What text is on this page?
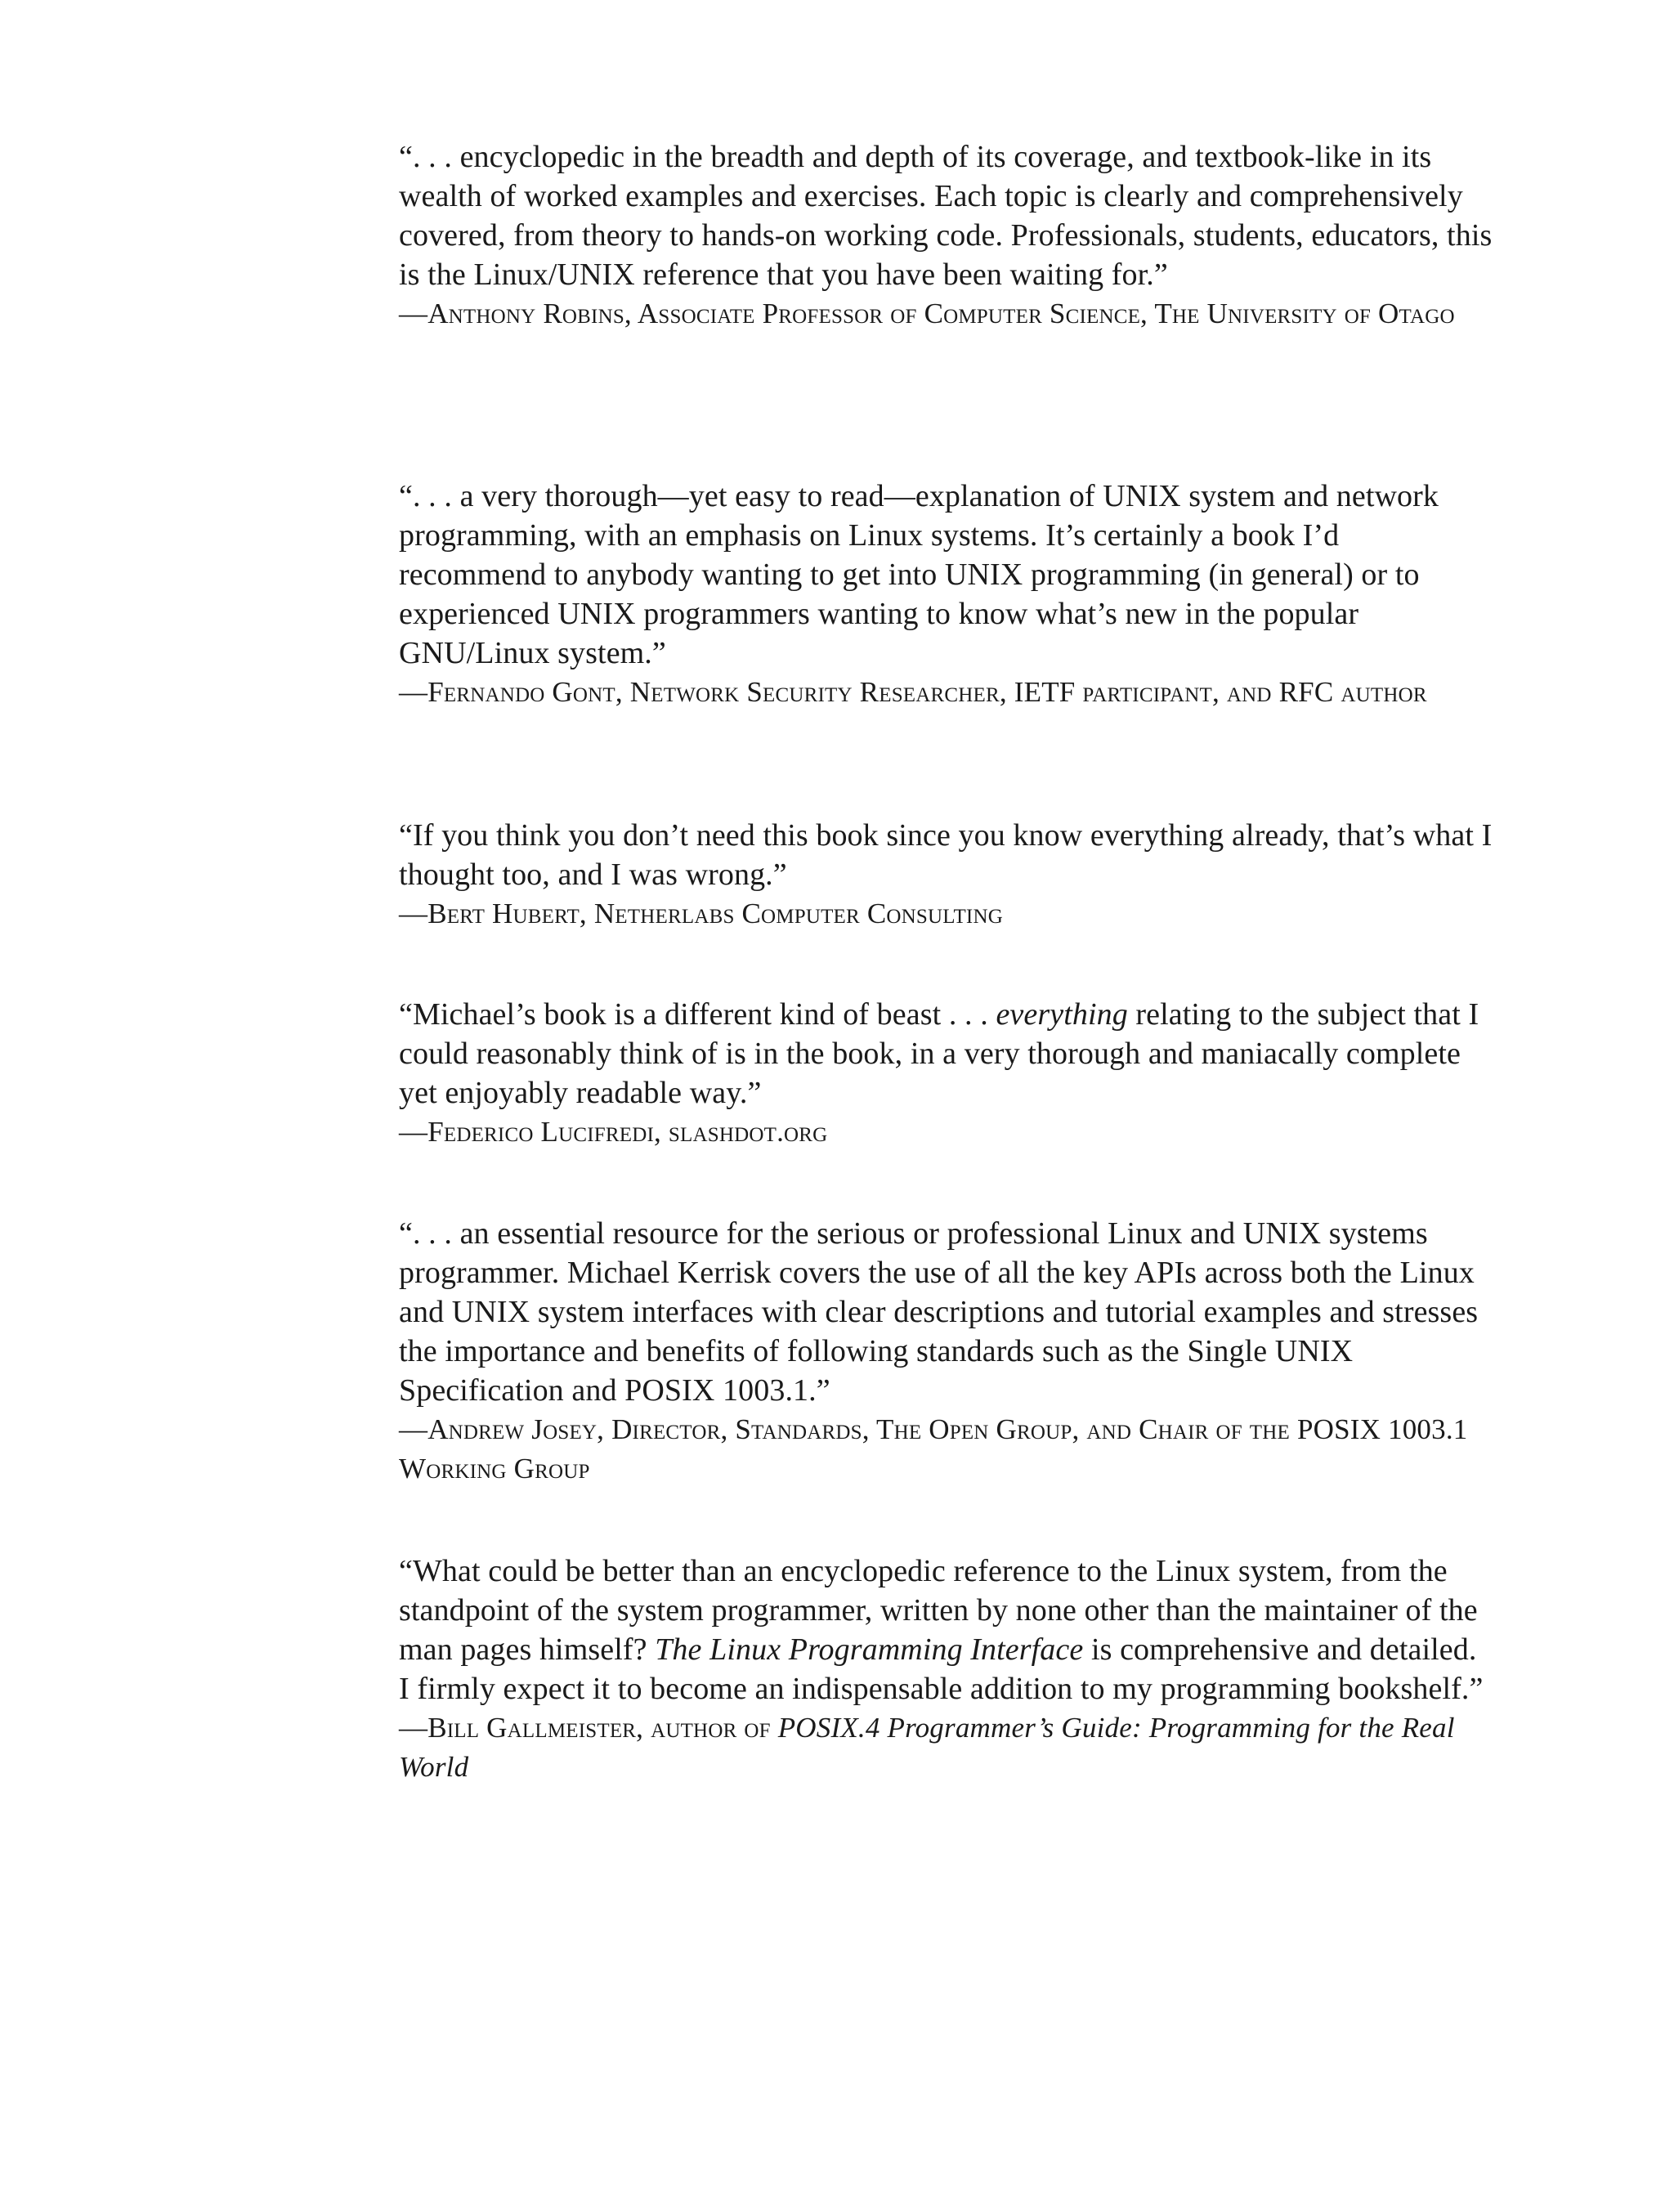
“. . . encyclopedic in the breadth and depth of its coverage, and textbook-like in its wealth of worked examples and exercises. Each topic is clearly and comprehensively covered, from theory to hands-on working code. Professionals, students, educators, this is the Linux/UNIX reference that you have been waiting for.”

—Anthony Robins, Associate Professor of Computer Science, The University of Otago

“. . . a very thorough—yet easy to read—explanation of UNIX system and network programming, with an emphasis on Linux systems. It’s certainly a book I’d recommend to anybody wanting to get into UNIX programming (in general) or to experienced UNIX programmers wanting to know what’s new in the popular GNU/Linux system.”

—Fernando Gont, Network Security Researcher, IETF participant, and RFC author

“If you think you don’t need this book since you know everything already, that’s what I thought too, and I was wrong.”

—Bert Hubert, Netherlabs Computer Consulting

“Michael’s book is a different kind of beast . . . everything relating to the subject that I could reasonably think of is in the book, in a very thorough and maniacally complete yet enjoyably readable way.”

—Federico Lucifredi, slashdot.org

“. . . an essential resource for the serious or professional Linux and UNIX systems programmer. Michael Kerrisk covers the use of all the key APIs across both the Linux and UNIX system interfaces with clear descriptions and tutorial examples and stresses the importance and benefits of following standards such as the Single UNIX Specification and POSIX 1003.1.”

—Andrew Josey, Director, Standards, The Open Group, and Chair of the POSIX 1003.1 Working Group

“What could be better than an encyclopedic reference to the Linux system, from the standpoint of the system programmer, written by none other than the maintainer of the man pages himself? The Linux Programming Interface is comprehensive and detailed. I firmly expect it to become an indispensable addition to my programming bookshelf.”

—Bill Gallmeister, author of POSIX.4 Programmer’s Guide: Programming for the Real World
